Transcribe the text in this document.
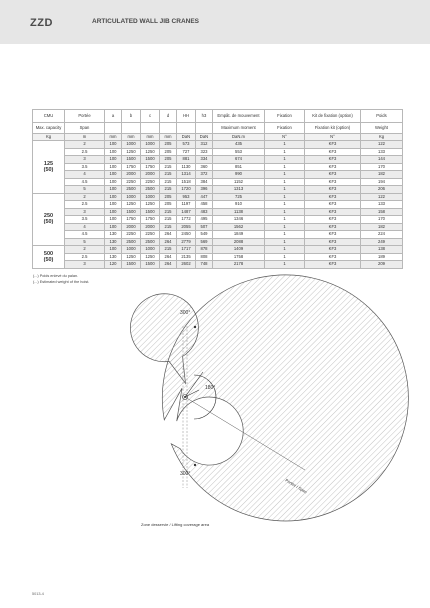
ZZD	ARTICULATED WALL JIB CRANES
CMU	Portée	a	b	c	d	HH	h3	Empât. de mouvement	Fixation	Kit de fixation (option)	Poids
Max. capacity	Span							Maximum moment	Fixation	Fixation kit (option)	Weight
Kg	m	mm	mm	mm	mm	DaN	DaN	DaN.m	N°	N°	Kg

125
(50)	2	100	1000	1000	205	573	312	435	1	KF3	122
	2.5	100	1250	1250	205	727	323	553	1	KF3	133
	3	100	1500	1500	205	881	334	674	1	KF3	144
	3.5	100	1750	1750	215	1130	360	851	1	KF3	170
	4	100	2000	2000	215	1314	372	990	1	KF3	182
	4.5	100	2250	2250	215	1518	384	1152	1	KF3	194
	5	100	2500	2500	215	1720	396	1313	1	KF3	206

250
(50)	2	100	1000	1000	205	953	447	725	1	KF3	122
	2.5	100	1250	1250	205	1197	458	910	1	KF3	133
	3	100	1500	1500	215	1487	483	1138	1	KF3	158
	3.5	100	1750	1750	215	1772	495	1346	1	KF3	170
	4	100	2000	2000	215	2055	507	1562	1	KF3	182
	4.5	130	2250	2250	264	2450	549	1849	1	KF3	224
	5	130	2500	2500	264	2779	569	2088	1	KF3	249

500
(50)	2	100	1000	1000	215	1717	878	1409	1	KF3	138
	2.5	130	1250	1250	264	2135	808	1758	1	KF3	189
	3	120	1500	1500	264	2602	748	2178	1	KF3	209
(...) Poids enlevé du palan.
(...) Estimated weight of the hoist.
300°
180°
300°
Portée / Span
Zone desservie / Lifting coverage area
5013-4
